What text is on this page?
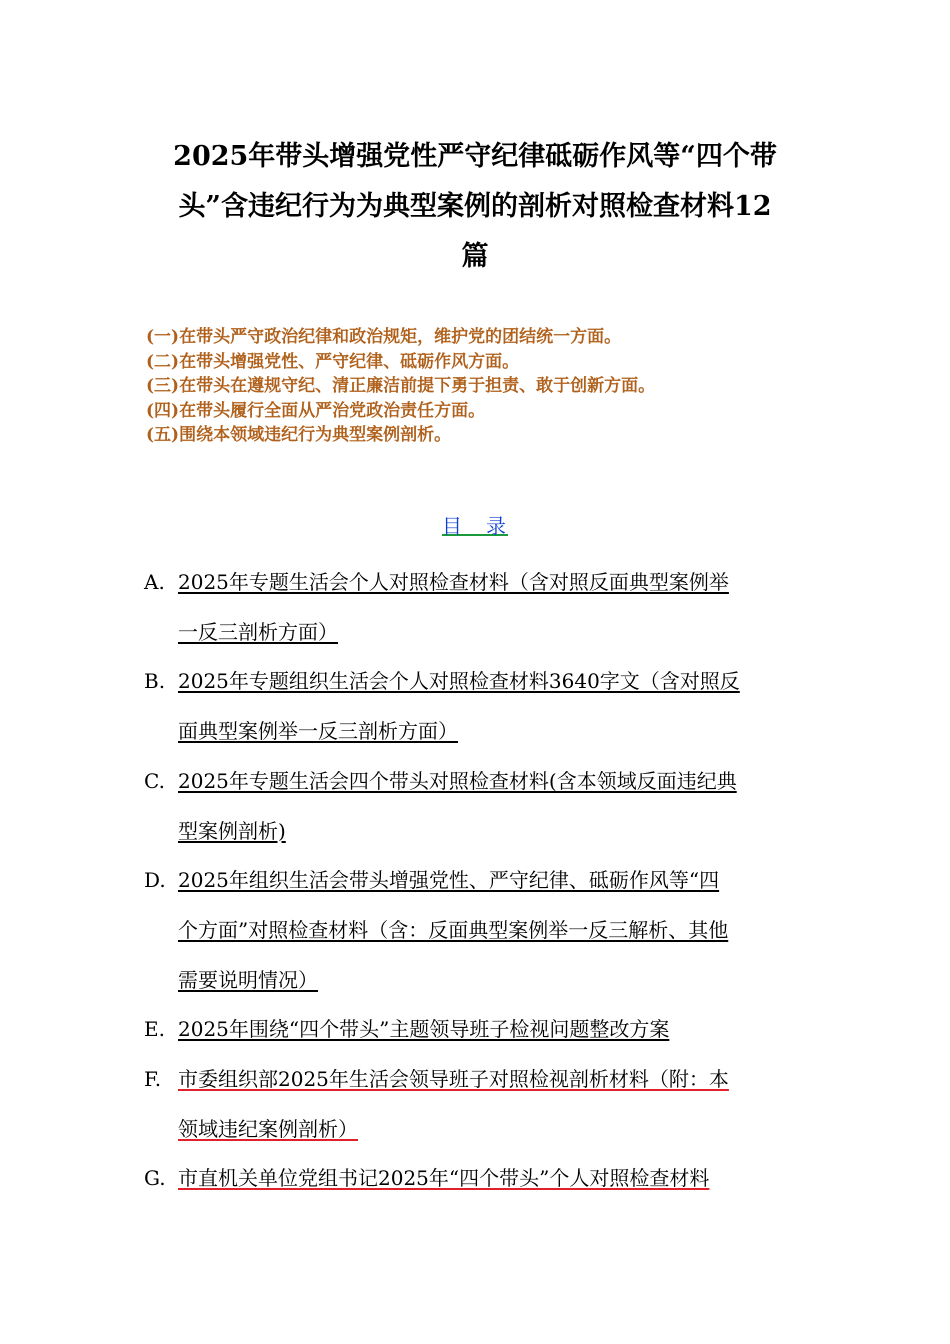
2025年带头增强党性严守纪律砥砺作风等“四个带
头”含违纪行为为典型案例的剖析对照检查材料12
篇
(一)在带头严守政治纪律和政治规矩，维护党的团结统一方面。
(二)在带头增强党性、严守纪律、砥砺作风方面。
(三)在带头在遵规守纪、清正廉洁前提下勇于担责、敢于创新方面。
(四)在带头履行全面从严治党政治责任方面。
(五)围绕本领域违纪行为典型案例剖析。
目　录
A. 2025年专题生活会个人对照检查材料（含对照反面典型案例举
一反三剖析方面）
B. 2025年专题组织生活会个人对照检查材料3640字文（含对照反
面典型案例举一反三剖析方面）
C. 2025年专题生活会四个带头对照检查材料(含本领域反面违纪典
型案例剖析)
D. 2025年组织生活会带头增强党性、严守纪律、砥砺作风等“四
个方面”对照检查材料（含：反面典型案例举一反三解析、其他
需要说明情况）
E. 2025年围绕“四个带头”主题领导班子检视问题整改方案
F. 市委组织部2025年生活会领导班子对照检视剖析材料（附：本
领域违纪案例剖析）
G. 市直机关单位党组书记2025年“四个带头”个人对照检查材料
